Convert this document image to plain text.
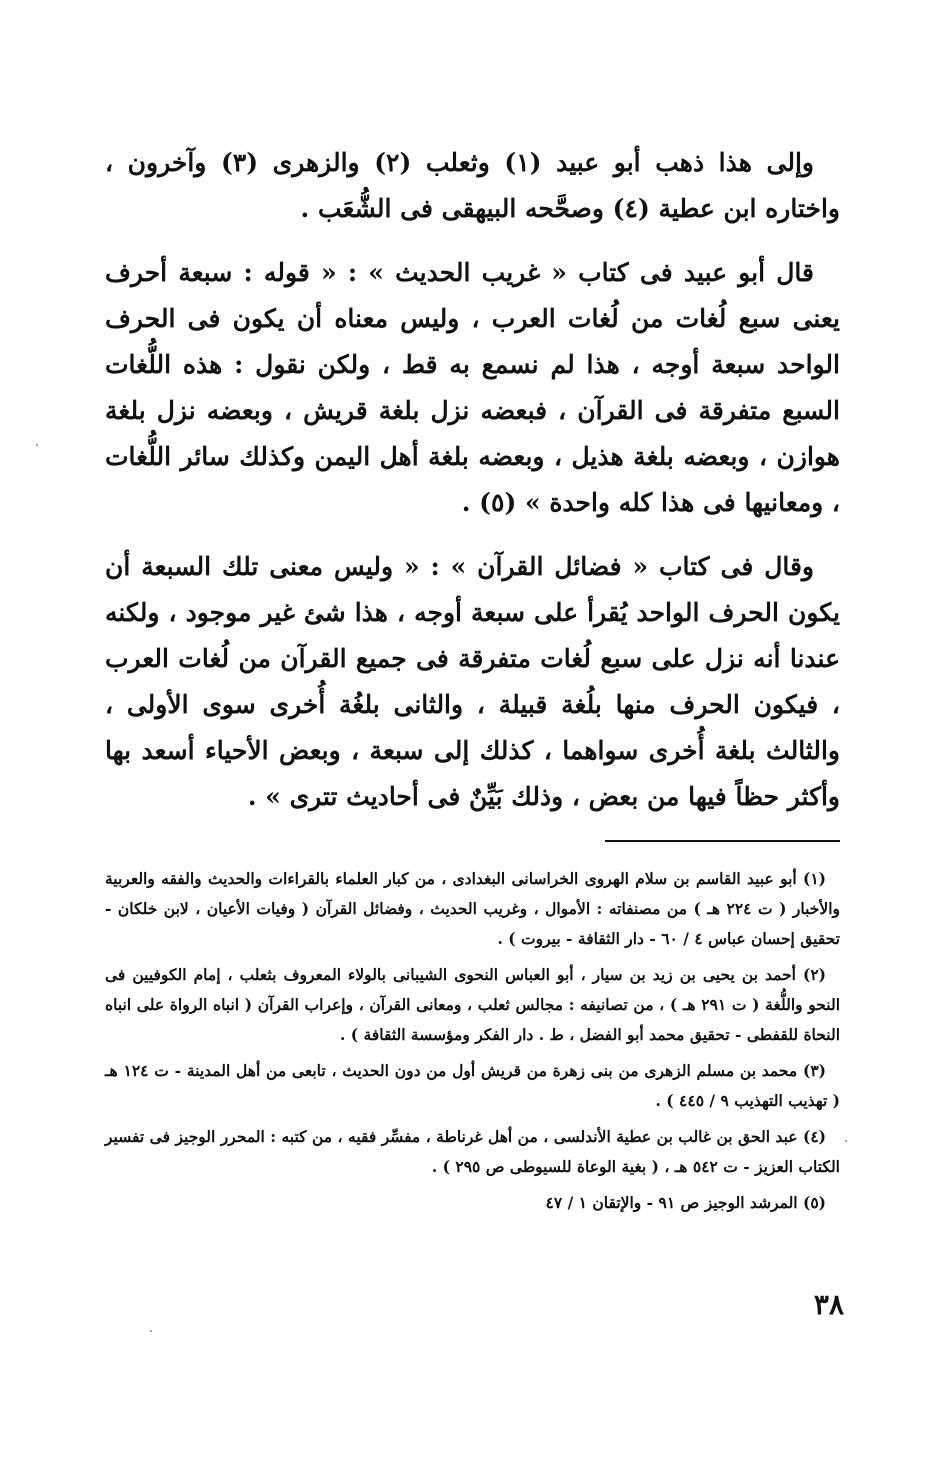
وإلى هذا ذهب أبو عبيد (١) وثعلب (٢) والزهرى (٣) وآخرون ، واختاره ابن عطية (٤) وصحَّحه البيهقى فى الشُّعَب .

قال أبو عبيد فى كتاب « غريب الحديث » : « قوله : سبعة أحرف يعنى سبع لُغات من لُغات العرب ، وليس معناه أن يكون فى الحرف الواحد سبعة أوجه ، هذا لم نسمع به قط ، ولكن نقول : هذه اللُّغات السبع متفرقة فى القرآن ، فبعضه نزل بلغة قريش ، وبعضه نزل بلغة هوازن ، وبعضه بلغة هذيل ، وبعضه بلغة أهل اليمن وكذلك سائر اللُّغات ، ومعانيها فى هذا كله واحدة » (٥) .

وقال فى كتاب « فضائل القرآن » : « وليس معنى تلك السبعة أن يكون الحرف الواحد يُقرأ على سبعة أوجه ، هذا شئ غير موجود ، ولكنه عندنا أنه نزل على سبع لُغات متفرقة فى جميع القرآن من لُغات العرب ، فيكون الحرف منها بلُغة قبيلة ، والثانى بلغُة أُخرى سوى الأولى ، والثالث بلغة أُخرى سواهما ، كذلك إلى سبعة ، وبعض الأحياء أسعد بها وأكثر حظاً فيها من بعض ، وذلك بَيِّنٌ فى أحاديث تترى » .

(١) أبو عبيد القاسم بن سلام الهروى الخراسانى البغدادى ، من كبار العلماء بالقراءات والحديث والفقه والعربية والأخبار ( ت ٢٢٤ هـ ) من مصنفاته : الأموال ، وغريب الحديث ، وفضائل القرآن ( وفيات الأعيان ، لابن خلكان - تحقيق إحسان عباس ٤ / ٦٠ - دار الثقافة - بيروت ) .

(٢) أحمد بن يحيى بن زيد بن سيار ، أبو العباس النحوى الشيبانى بالولاء المعروف بثعلب ، إمام الكوفيين فى النحو واللُّغة ( ت ٢٩١ هـ ) ، من تصانيفه : مجالس ثعلب ، ومعانى القرآن ، وإعراب القرآن ( انباه الرواة على انباه النحاة للقفطى - تحقيق محمد أبو الفضل ، ط . دار الفكر ومؤسسة الثقافة ) .

(٣) محمد بن مسلم الزهرى من بنى زهرة من قريش أول من دون الحديث ، تابعى من أهل المدينة - ت ١٢٤ هـ ( تهذيب التهذيب ٩ / ٤٤٥ ) .

(٤) عبد الحق بن غالب بن عطية الأندلسى ، من أهل غرناطة ، مفسِّر فقيه ، من كتبه : المحرر الوجيز فى تفسير الكتاب العزيز - ت ٥٤٢ هـ ، ( بغية الوعاة للسيوطى ص ٢٩٥ ) .

(٥) المرشد الوجيز ص ٩١ - والإتقان ١ / ٤٧

٣٨
